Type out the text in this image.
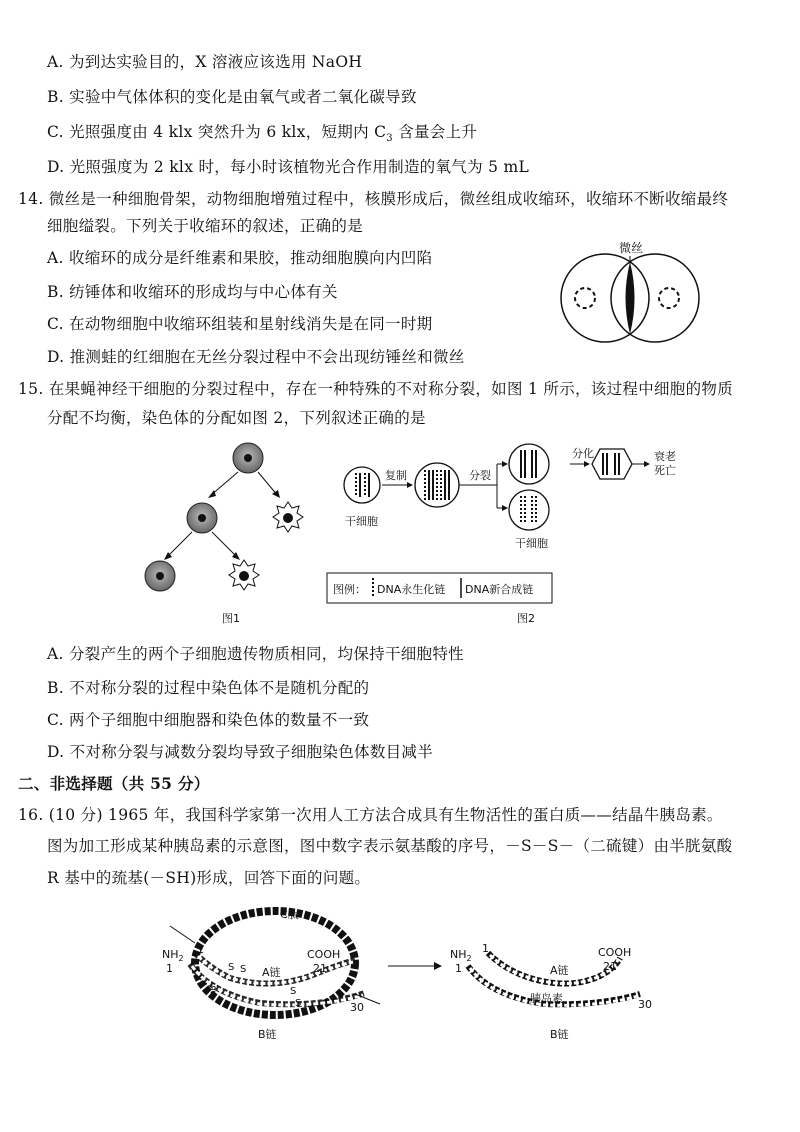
A. 为到达实验目的，X 溶液应该选用 NaOH
B. 实验中气体体积的变化是由氧气或者二氧化碳导致
C. 光照强度由 4 klx 突然升为 6 klx，短期内 $C_3$ 含量会上升
D. 光照强度为 2 klx 时，每小时该植物光合作用制造的氧气为 5 mL
14. 微丝是一种细胞骨架，动物细胞增殖过程中，核膜形成后，微丝组成收缩环，收缩环不断收缩最终
细胞缢裂。下列关于收缩环的叙述，正确的是
A. 收缩环的成分是纤维素和果胶，推动细胞膜向内凹陷
B. 纺锤体和收缩环的形成均与中心体有关
C. 在动物细胞中收缩环组装和星射线消失是在同一时期
D. 推测蛙的红细胞在无丝分裂过程中不会出现纺锤丝和微丝
微丝
15. 在果蝇神经干细胞的分裂过程中，存在一种特殊的不对称分裂，如图 1 所示，该过程中细胞的物质
分配不均衡，染色体的分配如图 2，下列叙述正确的是
图1
复制
干细胞
分裂
干细胞
图例： DNA永生化链 DNA新合成链
图2
分化	衰老
死亡
A. 分裂产生的两个子细胞遗传物质相同，均保持干细胞特性
B. 不对称分裂的过程中染色体不是随机分配的
C. 两个子细胞中细胞器和染色体的数量不一致
D. 不对称分裂与减数分裂均导致子细胞染色体数目减半
二、非选择题（共 55 分）
16. (10 分) 1965 年，我国科学家第一次用人工方法合成具有生物活性的蛋白质——结晶牛胰岛素。
图为加工形成某种胰岛素的示意图，图中数字表示氨基酸的序号，－S－S－（二硫键）由半胱氨酸
R 基中的巯基(－SH)形成，回答下面的问题。
C肽
$NH_2$
1
1
COOH
21
A链
30
B链
S S
S
S	S
S
$NH_2$
1
1
COOH
21
A链
胰岛素	30
B链
